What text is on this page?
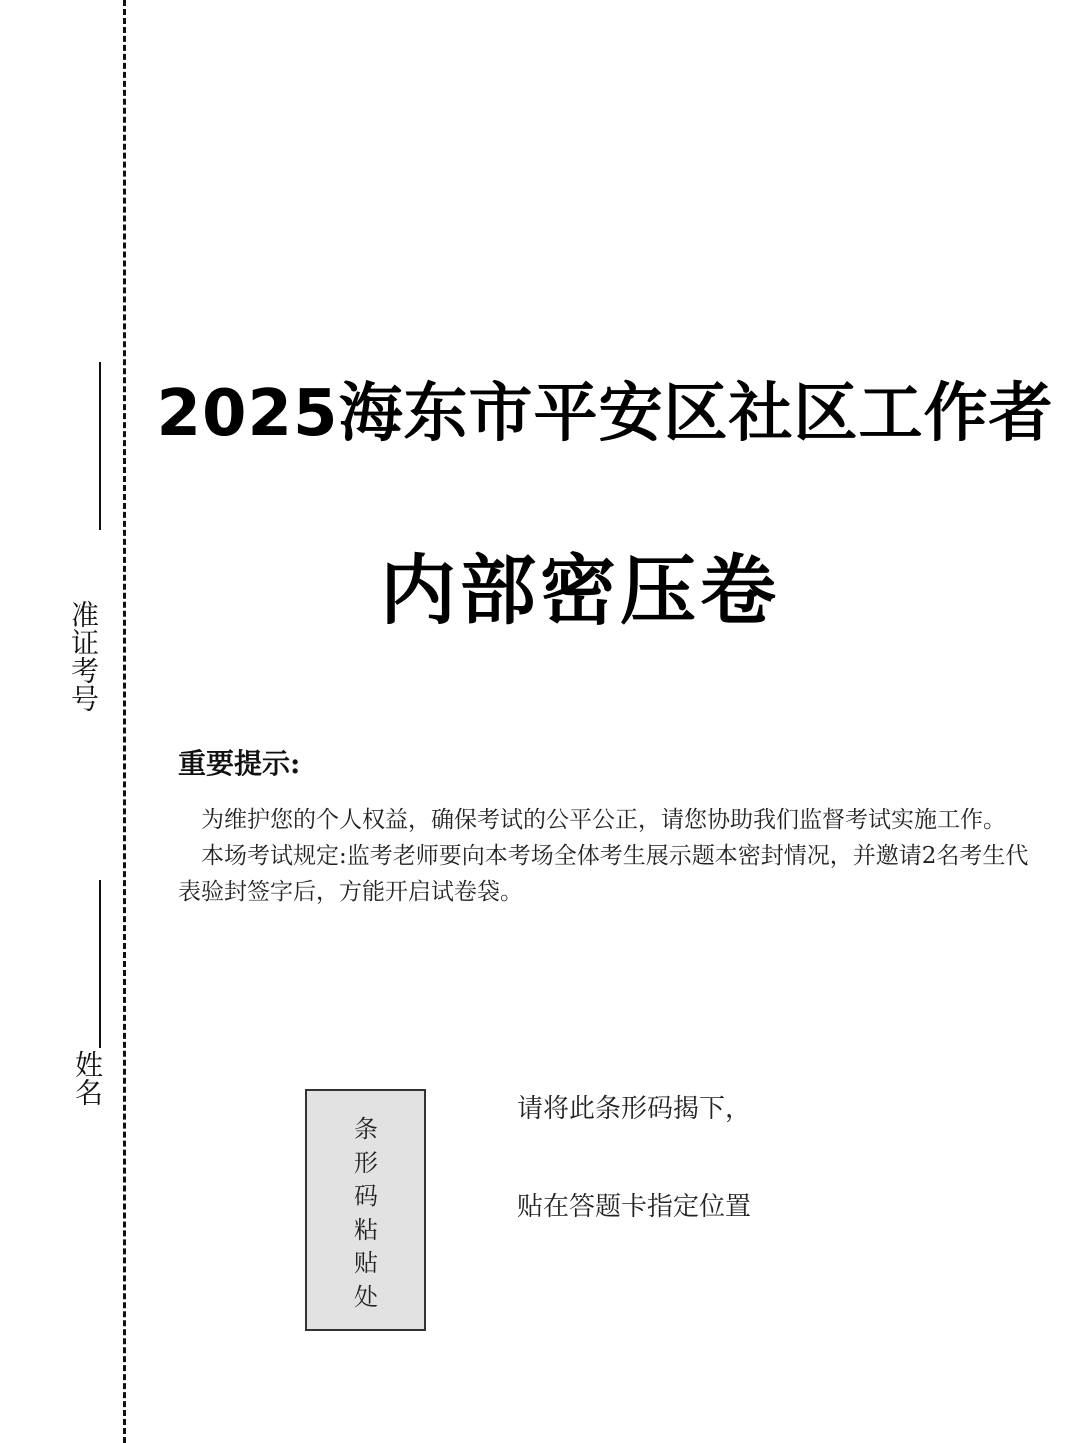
准证考号
姓名
2025海东市平安区社区工作者
内部密压卷
重要提示:

为维护您的个人权益，确保考试的公平公正，请您协助我们监督考试实施工作。

本场考试规定:监考老师要向本考场全体考生展示题本密封情况，并邀请2名考生代表验封签字后，方能开启试卷袋。

条形码粘贴处
请将此条形码揭下，
贴在答题卡指定位置
